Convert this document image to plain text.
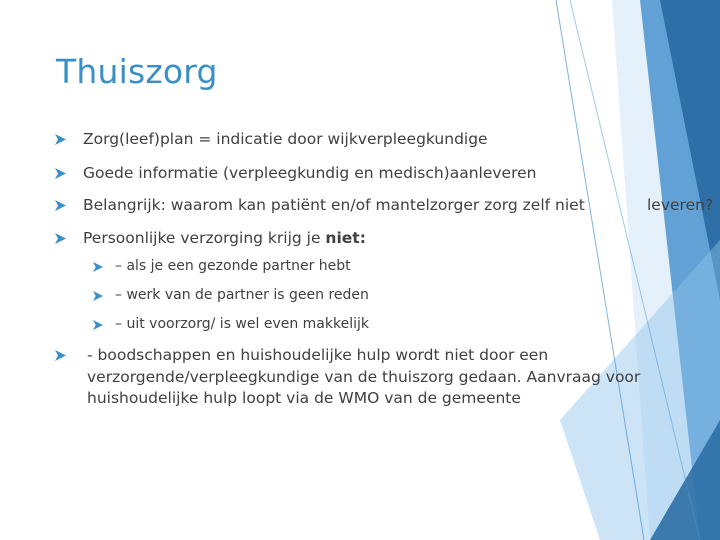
Thuiszorg
Zorg(leef)plan = indicatie door wijkverpleegkundige
Goede informatie (verpleegkundig en medisch)aanleveren
Belangrijk: waarom kan patiënt en/of mantelzorger zorg zelf niet	leveren?
Persoonlijke verzorging krijg je niet:
– als je een gezonde partner hebt
– werk van de partner is geen reden
– uit voorzorg/ is wel even makkelijk
- boodschappen en huishoudelijke hulp wordt niet door een verzorgende/verpleegkundige van de thuiszorg gedaan. Aanvraag voor huishoudelijke hulp loopt via de WMO van de gemeente
